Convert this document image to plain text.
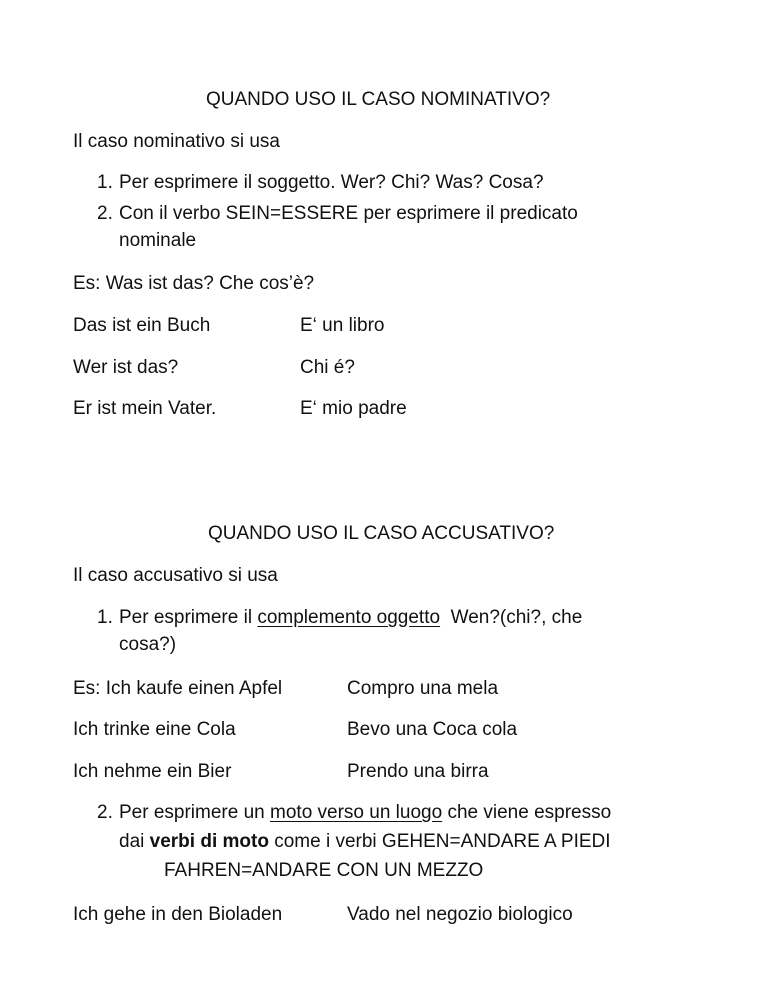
QUANDO USO IL CASO NOMINATIVO?
Il caso nominativo si usa
1. Per esprimere il soggetto. Wer? Chi? Was? Cosa?
2. Con il verbo SEIN=ESSERE per esprimere il predicato
nominale
Es: Was ist das? Che cos’è?
Das ist ein Buch	E‘ un libro
Wer ist das?	Chi é?
Er ist mein Vater.	E‘ mio padre
QUANDO USO IL CASO ACCUSATIVO?
Il caso accusativo si usa
1. Per esprimere il complemento oggetto  Wen?(chi?, che
cosa?)
Es: Ich kaufe einen Apfel	Compro una mela
Ich trinke eine Cola	Bevo una Coca cola
Ich nehme ein Bier	Prendo una birra
2. Per esprimere un moto verso un luogo che viene espresso
dai verbi di moto come i verbi GEHEN=ANDARE A PIEDI
FAHREN=ANDARE CON UN MEZZO
Ich gehe in den Bioladen	Vado nel negozio biologico
